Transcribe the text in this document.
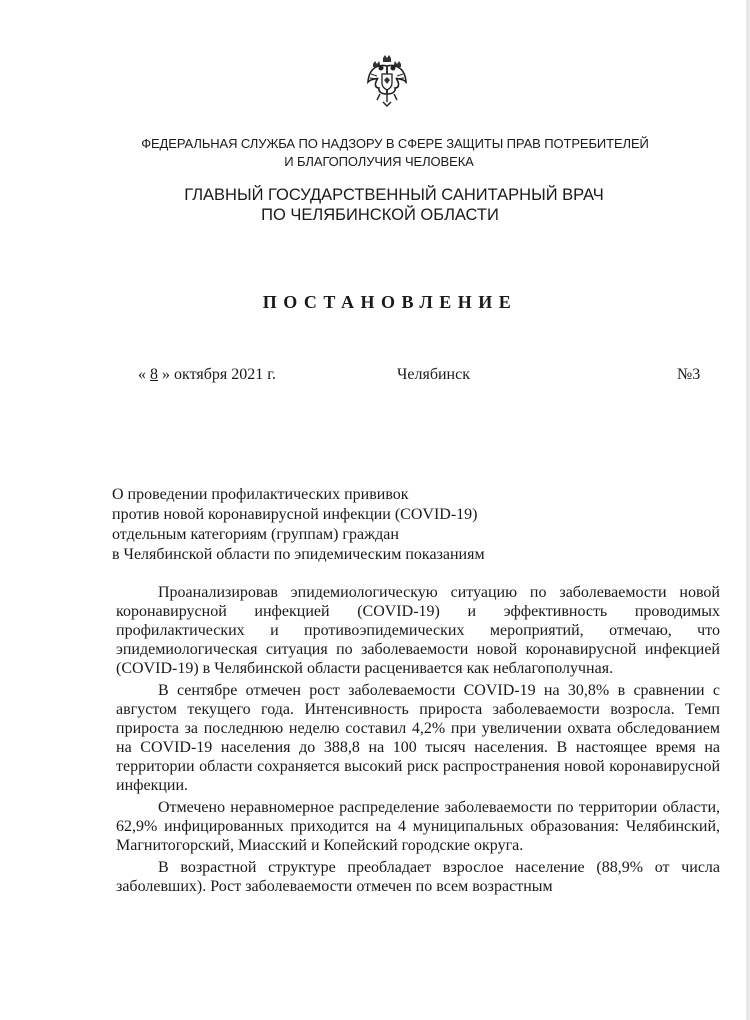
ФЕДЕРАЛЬНАЯ СЛУЖБА ПО НАДЗОРУ В СФЕРЕ ЗАЩИТЫ ПРАВ ПОТРЕБИТЕЛЕЙ
И БЛАГОПОЛУЧИЯ ЧЕЛОВЕКА
ГЛАВНЫЙ ГОСУДАРСТВЕННЫЙ САНИТАРНЫЙ ВРАЧ
ПО ЧЕЛЯБИНСКОЙ ОБЛАСТИ
ПОСТАНОВЛЕНИЕ
« 8 » октября 2021 г.	Челябинск	№3
О проведении профилактических прививок
против новой коронавирусной инфекции (COVID-19)
отдельным категориям (группам) граждан
в Челябинской области по эпидемическим показаниям

Проанализировав эпидемиологическую ситуацию по заболеваемости новой коронавирусной инфекцией (COVID-19) и эффективность проводимых профилактических и противоэпидемических мероприятий, отмечаю, что эпидемиологическая ситуация по заболеваемости новой коронавирусной инфекцией (COVID-19) в Челябинской области расценивается как неблагополучная.

В сентябре отмечен рост заболеваемости COVID-19 на 30,8% в сравнении с августом текущего года. Интенсивность прироста заболеваемости возросла. Темп прироста за последнюю неделю составил 4,2% при увеличении охвата обследованием на COVID-19 населения до 388,8 на 100 тысяч населения. В настоящее время на территории области сохраняется высокий риск распространения новой коронавирусной инфекции.

Отмечено неравномерное распределение заболеваемости по территории области, 62,9% инфицированных приходится на 4 муниципальных образования: Челябинский, Магнитогорский, Миасский и Копейский городские округа.

В возрастной структуре преобладает взрослое население (88,9% от числа заболевших). Рост заболеваемости отмечен по всем возрастным
